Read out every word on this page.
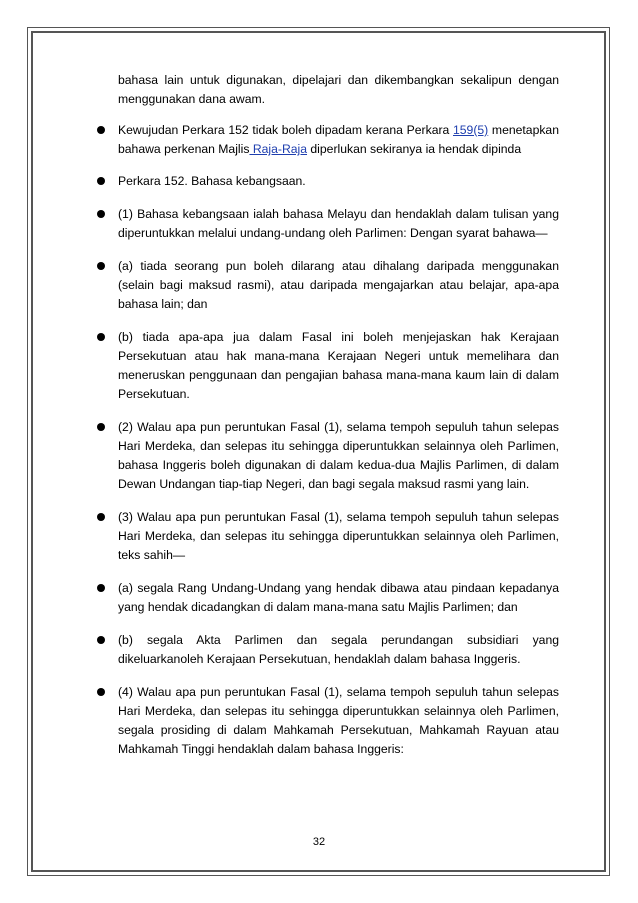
bahasa lain untuk digunakan, dipelajari dan dikembangkan sekalipun dengan menggunakan dana awam.

Kewujudan Perkara 152 tidak boleh dipadam kerana Perkara 159(5) menetapkan bahawa perkenan Majlis Raja-Raja diperlukan sekiranya ia hendak dipinda

Perkara 152. Bahasa kebangsaan.

(1) Bahasa kebangsaan ialah bahasa Melayu dan hendaklah dalam tulisan yang diperuntukkan melalui undang-undang oleh Parlimen: Dengan syarat bahawa—

(a) tiada seorang pun boleh dilarang atau dihalang daripada menggunakan (selain bagi maksud rasmi), atau daripada mengajarkan atau belajar, apa-apa bahasa lain; dan

(b) tiada apa-apa jua dalam Fasal ini boleh menjejaskan hak Kerajaan Persekutuan atau hak mana-mana Kerajaan Negeri untuk memelihara dan meneruskan penggunaan dan pengajian bahasa mana-mana kaum lain di dalam Persekutuan.

(2) Walau apa pun peruntukan Fasal (1), selama tempoh sepuluh tahun selepas Hari Merdeka, dan selepas itu sehingga diperuntukkan selainnya oleh Parlimen, bahasa Inggeris boleh digunakan di dalam kedua-dua Majlis Parlimen, di dalam Dewan Undangan tiap-tiap Negeri, dan bagi segala maksud rasmi yang lain.

(3) Walau apa pun peruntukan Fasal (1), selama tempoh sepuluh tahun selepas Hari Merdeka, dan selepas itu sehingga diperuntukkan selainnya oleh Parlimen, teks sahih—

(a) segala Rang Undang-Undang yang hendak dibawa atau pindaan kepadanya yang hendak dicadangkan di dalam mana-mana satu Majlis Parlimen; dan

(b) segala Akta Parlimen dan segala perundangan subsidiari yang dikeluarkanoleh Kerajaan Persekutuan, hendaklah dalam bahasa Inggeris.

(4) Walau apa pun peruntukan Fasal (1), selama tempoh sepuluh tahun selepas Hari Merdeka, dan selepas itu sehingga diperuntukkan selainnya oleh Parlimen, segala prosiding di dalam Mahkamah Persekutuan, Mahkamah Rayuan atau Mahkamah Tinggi hendaklah dalam bahasa Inggeris:

32
